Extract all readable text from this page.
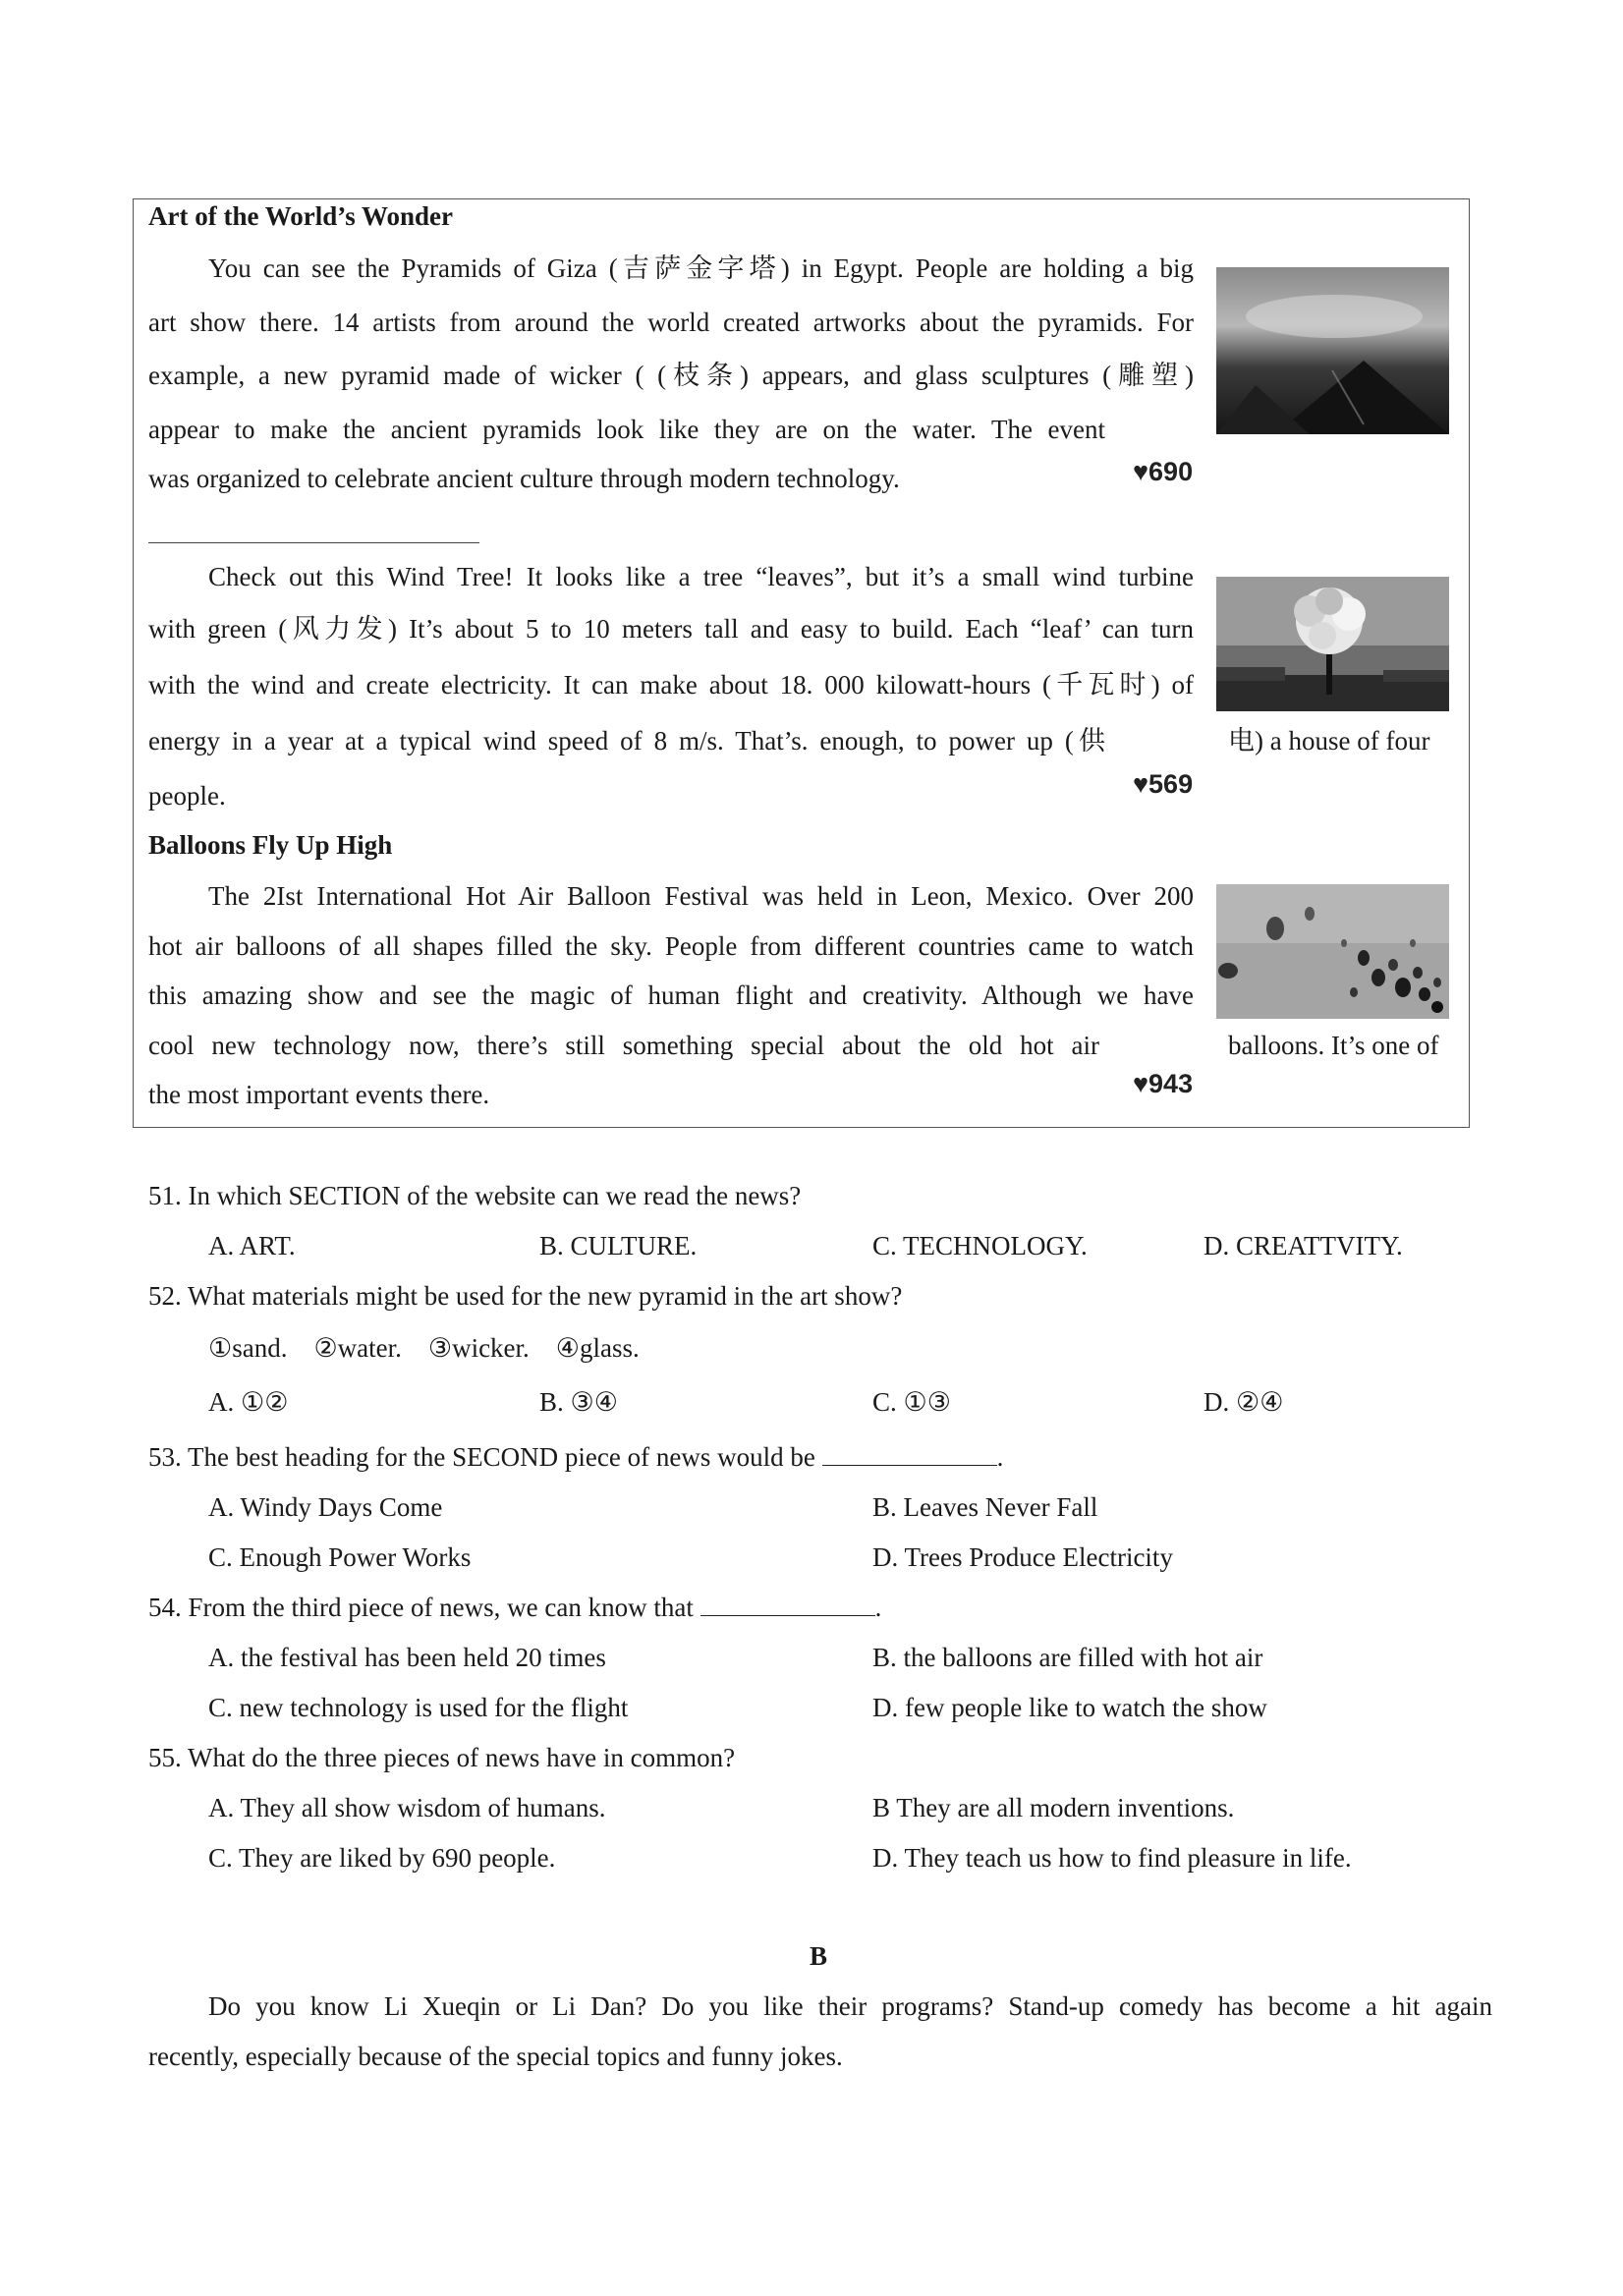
Art of the World’s Wonder
You can see the Pyramids of Giza (吉萨金字塔) in Egypt. People are holding a big
art show there. 14 artists from around the world created artworks about the pyramids. For
example, a new pyramid made of wicker ( (枝条) appears, and glass sculptures (雕塑)
appear to make the ancient pyramids look like they are on the water. The event
was organized to celebrate ancient culture through modern technology.	♥690
Check out this Wind Tree! It looks like a tree “leaves”, but it’s a small wind turbine
with green (风力发) It’s about 5 to 10 meters tall and easy to build. Each “leaf’ can turn
with the wind and create electricity. It can make about 18. 000 kilowatt-hours (千瓦时) of
energy in a year at a typical wind speed of 8 m/s. That’s. enough, to power up (供	电) a house of four
people.	♥569
Balloons Fly Up High
The 2Ist International Hot Air Balloon Festival was held in Leon, Mexico. Over 200
hot air balloons of all shapes filled the sky. People from different countries came to watch
this amazing show and see the magic of human flight and creativity. Although we have
cool new technology now, there’s still something special about the old hot air	balloons. It’s one of
the most important events there.	♥943
51. In which SECTION of the website can we read the news?
A. ART.	B. CULTURE.	C. TECHNOLOGY.	D. CREATTVITY.
52. What materials might be used for the new pyramid in the art show?
①sand.    ②water.    ③wicker.    ④glass.
A. ①②	B. ③④	C. ①③	D. ②④
53. The best heading for the SECOND piece of news would be	.
A. Windy Days Come	B. Leaves Never Fall
C. Enough Power Works	D. Trees Produce Electricity
54. From the third piece of news, we can know that	.
A. the festival has been held 20 times	B. the balloons are filled with hot air
C. new technology is used for the flight	D. few people like to watch the show
55. What do the three pieces of news have in common?
A. They all show wisdom of humans.	B They are all modern inventions.
C. They are liked by 690 people.	D. They teach us how to find pleasure in life.
B
Do you know Li Xueqin or Li Dan? Do you like their programs? Stand-up comedy has become a hit again
recently, especially because of the special topics and funny jokes.
